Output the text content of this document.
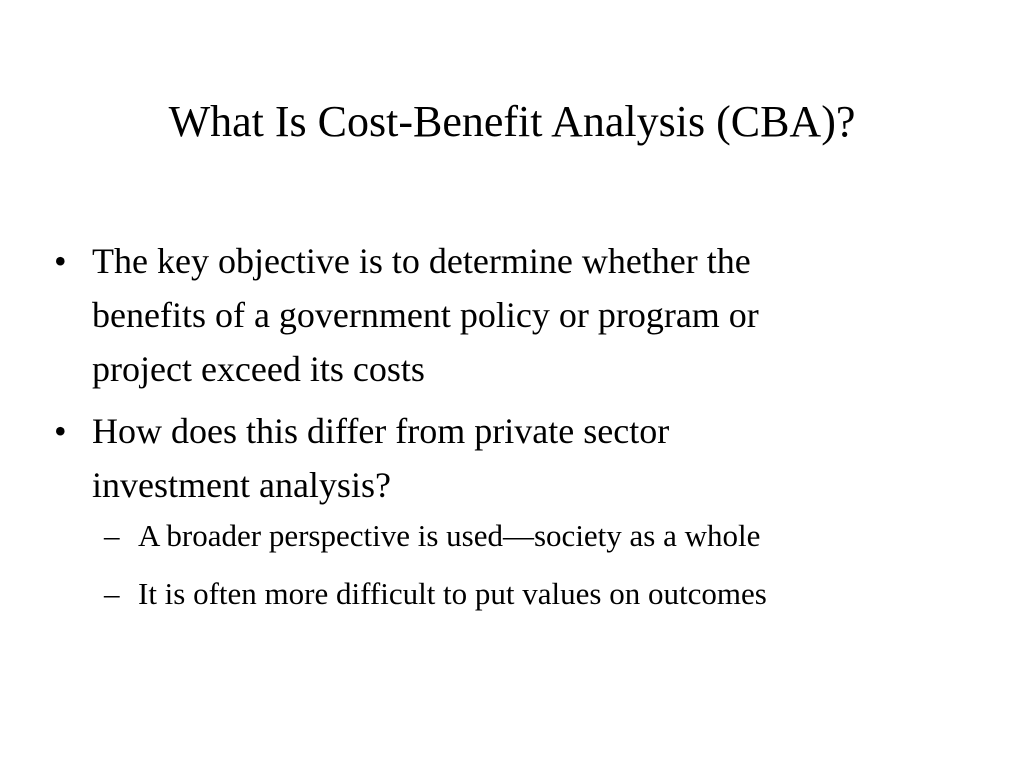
What Is Cost-Benefit Analysis (CBA)?
• The key objective is to determine whether the
benefits of a government policy or program or
project exceed its costs
• How does this differ from private sector
investment analysis?
– A broader perspective is used—society as a whole
– It is often more difficult to put values on outcomes
